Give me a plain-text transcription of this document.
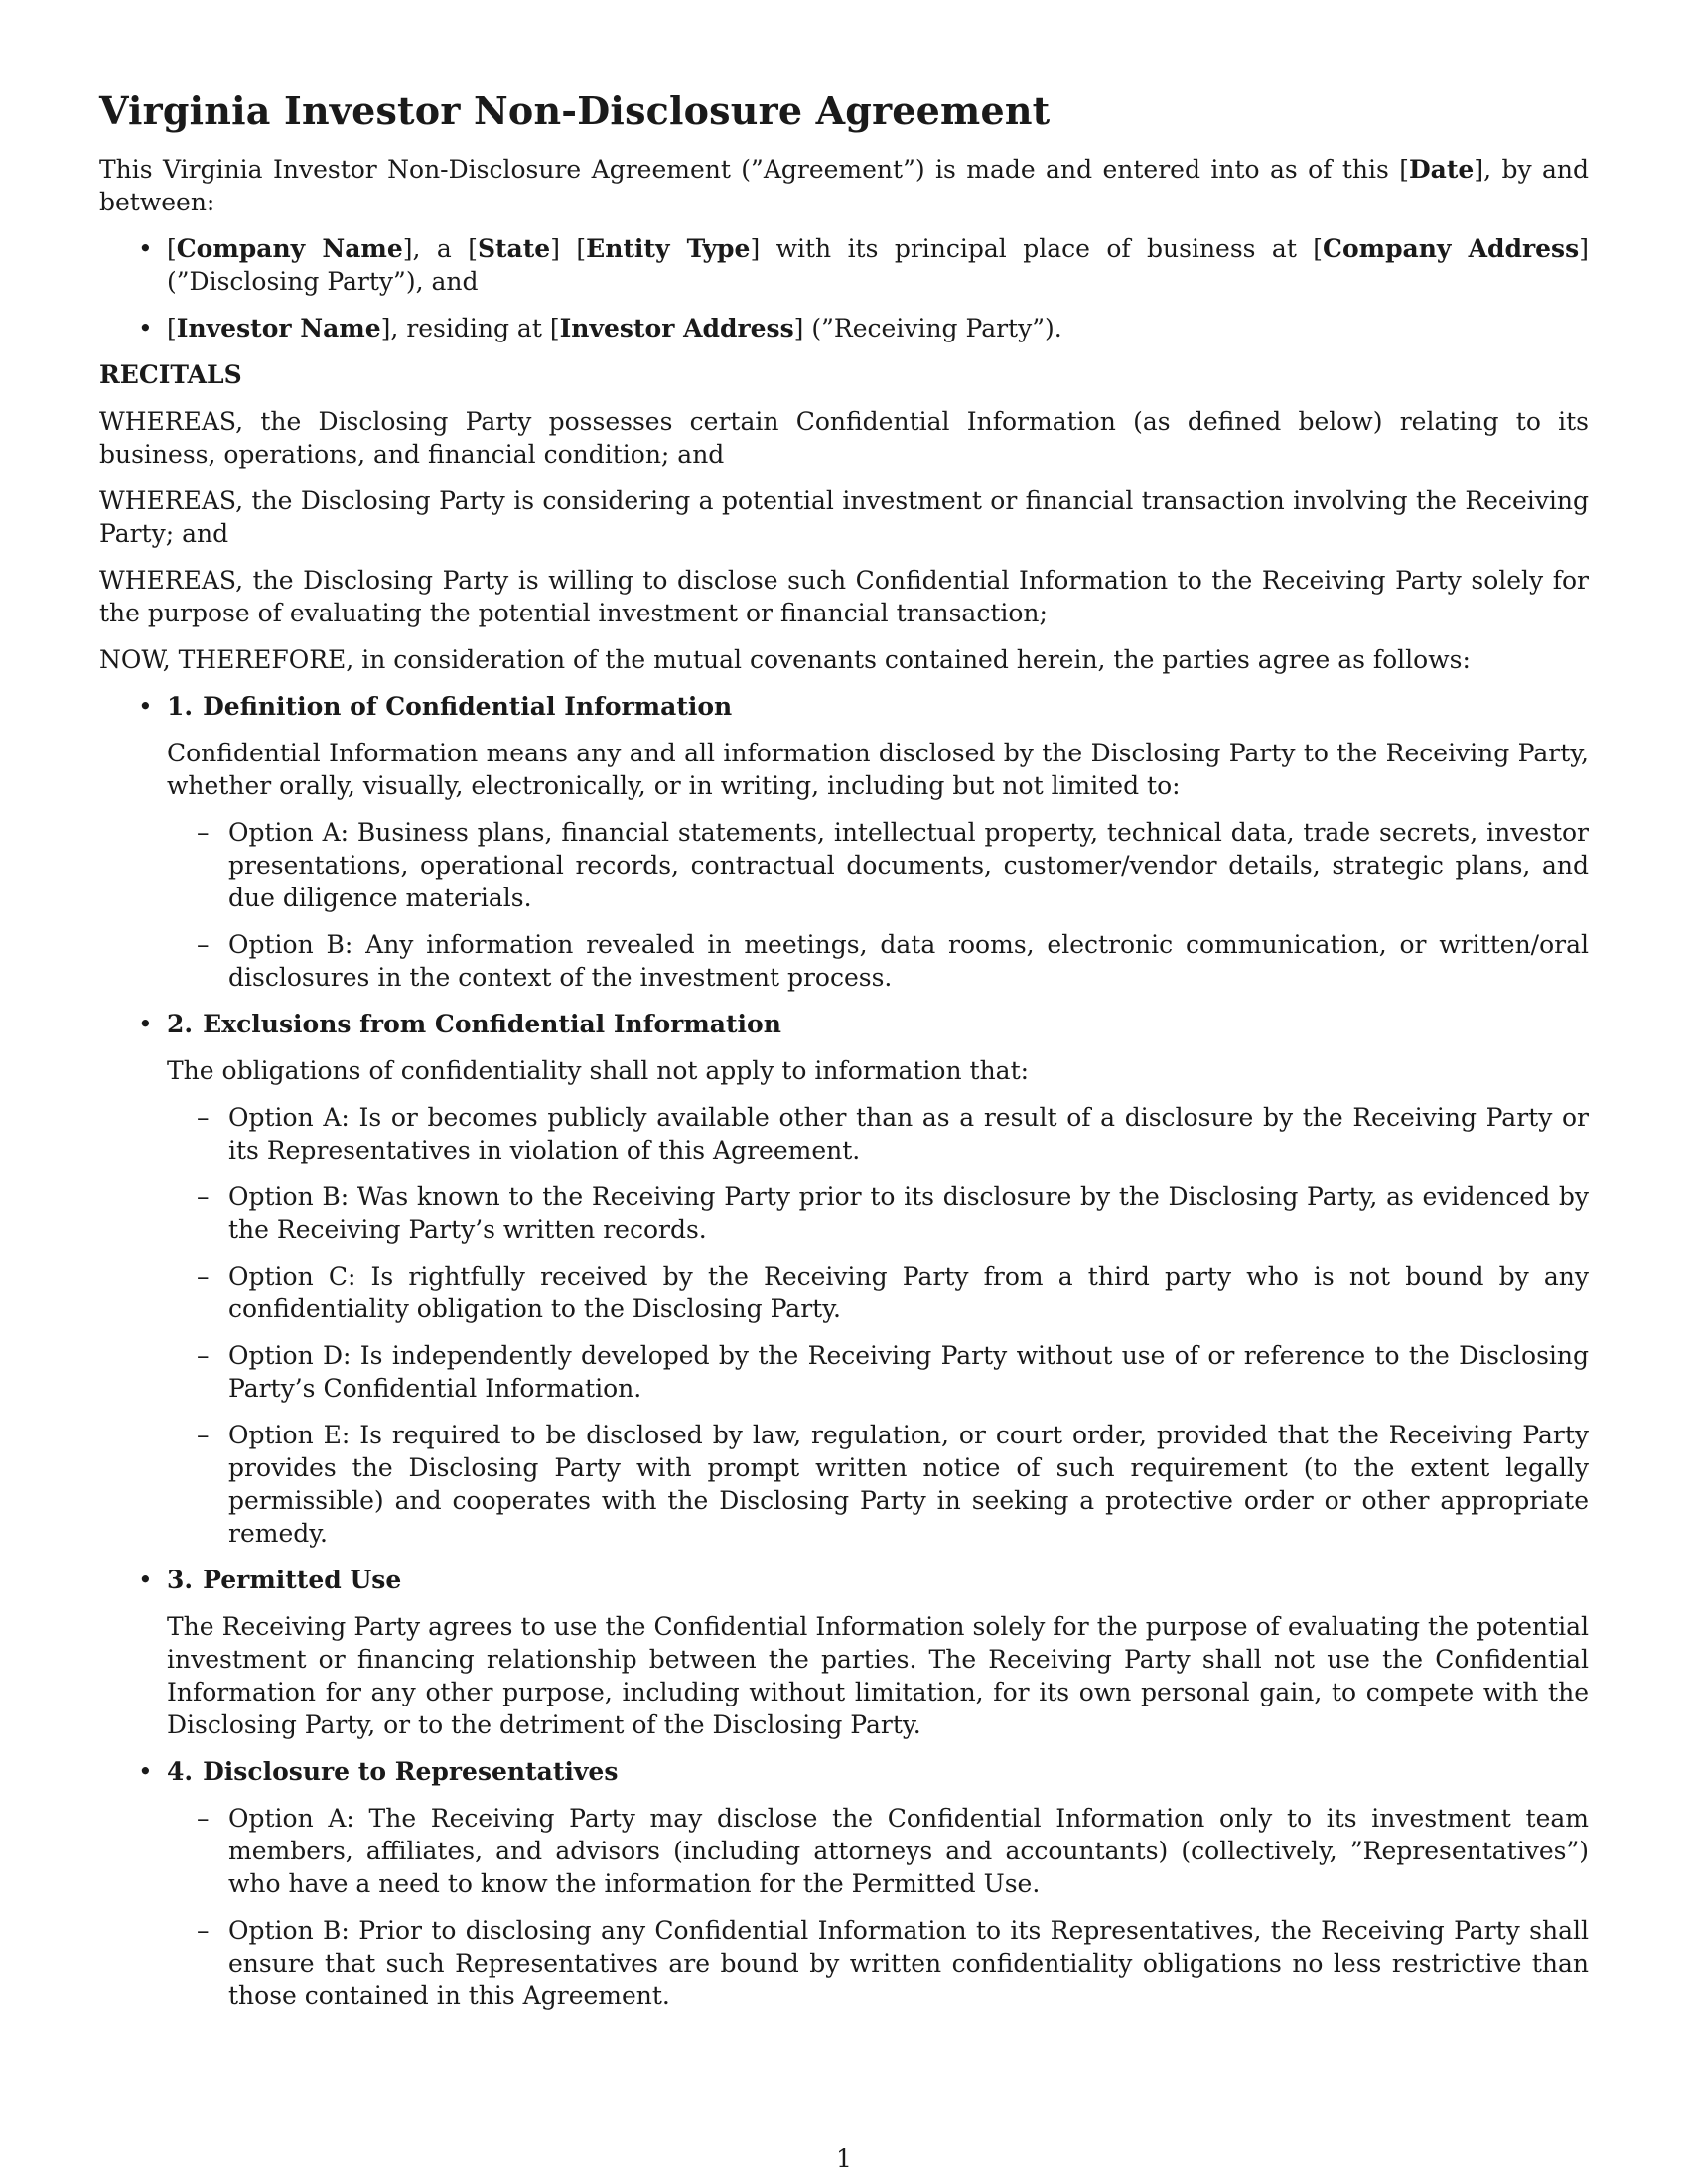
Virginia Investor Non-Disclosure Agreement

This Virginia Investor Non-Disclosure Agreement (”Agreement”) is made and entered into as of this [Date], by and between:

• [Company Name], a [State] [Entity Type] with its principal place of business at [Company Address] (”Disclosing Party”), and
• [Investor Name], residing at [Investor Address] (”Receiving Party”).
RECITALS

WHEREAS, the Disclosing Party possesses certain Confidential Information (as defined below) relating to its business, operations, and financial condition; and

WHEREAS, the Disclosing Party is considering a potential investment or financial transaction involving the Receiving Party; and

WHEREAS, the Disclosing Party is willing to disclose such Confidential Information to the Receiving Party solely for the purpose of evaluating the potential investment or financial transaction;

NOW, THEREFORE, in consideration of the mutual covenants contained herein, the parties agree as follows:

• 1. Definition of Confidential Information
Confidential Information means any and all information disclosed by the Disclosing Party to the Receiving Party, whether orally, visually, electronically, or in writing, including but not limited to:
– Option A: Business plans, financial statements, intellectual property, technical data, trade secrets, investor presentations, operational records, contractual documents, customer/vendor details, strategic plans, and due diligence materials.
– Option B: Any information revealed in meetings, data rooms, electronic communication, or written/oral disclosures in the context of the investment process.
• 2. Exclusions from Confidential Information
The obligations of confidentiality shall not apply to information that:
– Option A: Is or becomes publicly available other than as a result of a disclosure by the Receiving Party or its Representatives in violation of this Agreement.
– Option B: Was known to the Receiving Party prior to its disclosure by the Disclosing Party, as evidenced by the Receiving Party’s written records.
– Option C: Is rightfully received by the Receiving Party from a third party who is not bound by any confidentiality obligation to the Disclosing Party.
– Option D: Is independently developed by the Receiving Party without use of or reference to the Disclosing Party’s Confidential Information.
– Option E: Is required to be disclosed by law, regulation, or court order, provided that the Receiving Party provides the Disclosing Party with prompt written notice of such requirement (to the extent legally permissible) and cooperates with the Disclosing Party in seeking a protective order or other appropriate remedy.
• 3. Permitted Use
The Receiving Party agrees to use the Confidential Information solely for the purpose of evaluating the potential investment or financing relationship between the parties. The Receiving Party shall not use the Confidential Information for any other purpose, including without limitation, for its own personal gain, to compete with the Disclosing Party, or to the detriment of the Disclosing Party.
• 4. Disclosure to Representatives
– Option A: The Receiving Party may disclose the Confidential Information only to its investment team members, affiliates, and advisors (including attorneys and accountants) (collectively, ”Representatives”) who have a need to know the information for the Permitted Use.
– Option B: Prior to disclosing any Confidential Information to its Representatives, the Receiving Party shall ensure that such Representatives are bound by written confidentiality obligations no less restrictive than those contained in this Agreement.
1
